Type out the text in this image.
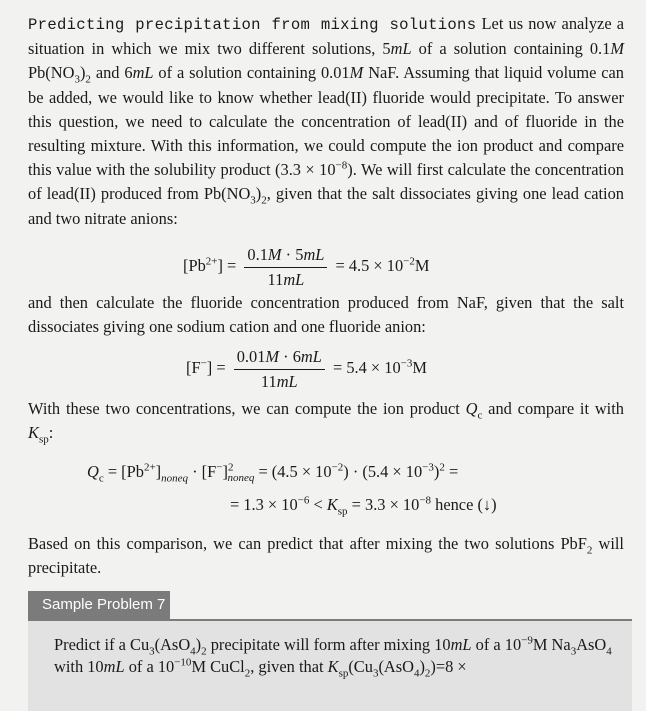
Predicting precipitation from mixing solutions Let us now analyze a situation in which we mix two different solutions, 5mL of a solution containing 0.1M $Pb(NO_3)_2$ and 6mL of a solution containing 0.01M NaF. Assuming that liquid volume can be added, we would like to know whether lead(II) fluoride would precipitate. To answer this question, we need to calculate the concentration of lead(II) and of fluoride in the resulting mixture. With this information, we could compute the ion product and compare this value with the solubility product $(3.3 \times 10^{-8})$. We will first calculate the concentration of lead(II) produced from $Pb(NO_3)_2$, given that the salt dissociates giving one lead cation and two nitrate anions:

$[Pb^{2+}] = \frac{0.1M \cdot 5mL}{11mL} = 4.5 \times 10^{-2}M$

and then calculate the fluoride concentration produced from NaF, given that the salt dissociates giving one sodium cation and one fluoride anion:

$[F^-] = \frac{0.01M \cdot 6mL}{11mL} = 5.4 \times 10^{-3}M$

With these two concentrations, we can compute the ion product $Q_c$ and compare it with $K_{sp}$:

$Q_c = [Pb^{2+}]_{noneq} \cdot [F^-]^2_{noneq} = (4.5 \times 10^{-2}) \cdot (5.4 \times 10^{-3})^2$ =
= $1.3 \times 10^{-6} < K_{sp} = 3.3 \times 10^{-8}$ hence (↓)

Based on this comparison, we can predict that after mixing the two solutions PbF$_2$ will precipitate.

Sample Problem 7
Predict if a $Cu_3(AsO_4)_2$ precipitate will form after mixing 10mL of a $10^{-9}M$ $Na_3AsO_4$ with 10mL of a $10^{-10}M$ CuCl$_2$, given that $K_{sp}(Cu_3(AsO_4)_2)=8$ ×
